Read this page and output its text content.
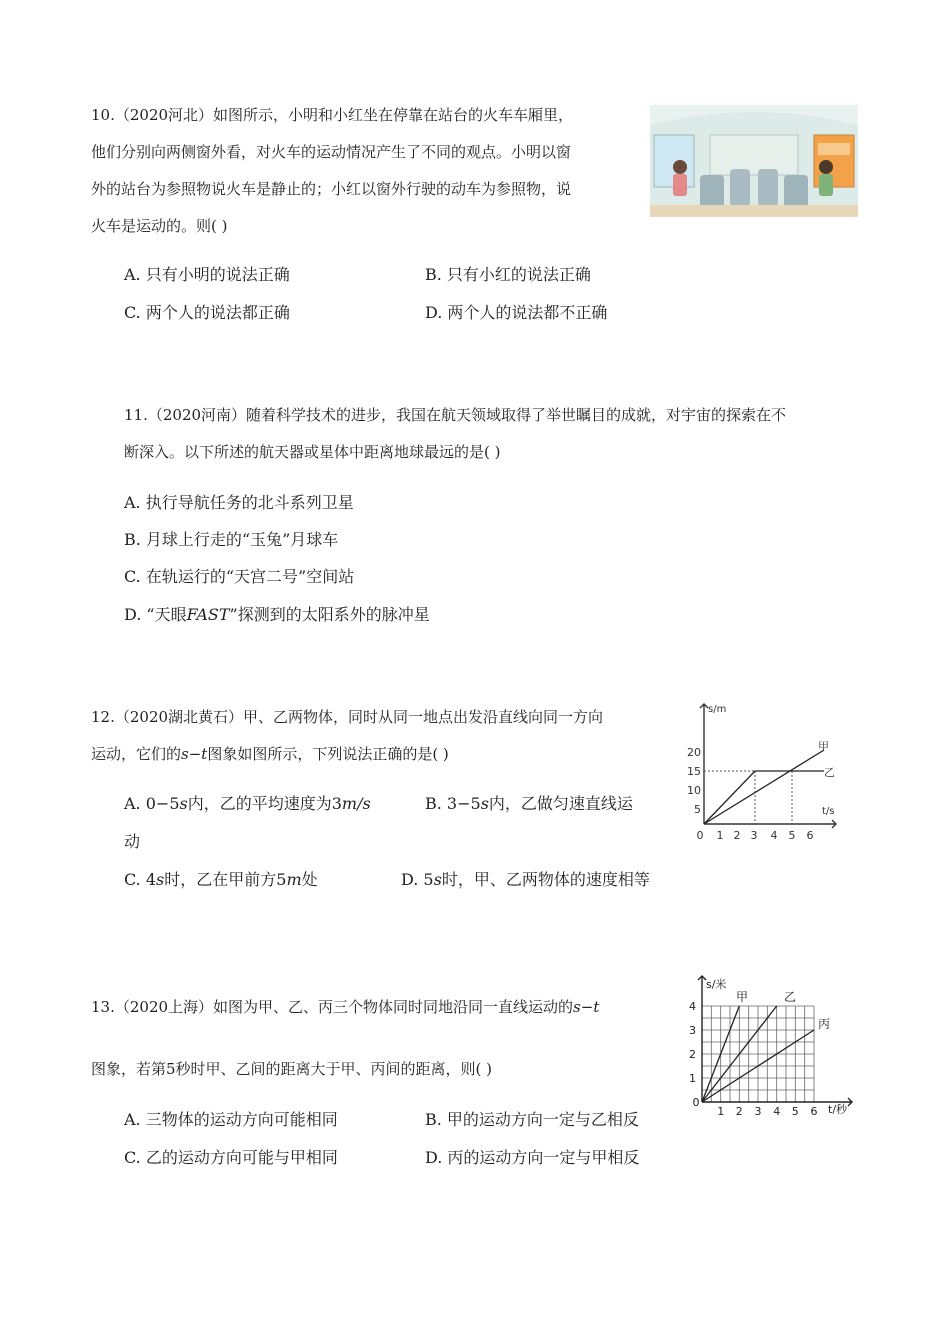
10.（2020河北）如图所示，小明和小红坐在停靠在站台的火车车厢里，
他们分别向两侧窗外看，对火车的运动情况产生了不同的观点。小明以窗
外的站台为参照物说火车是静止的；小红以窗外行驶的动车为参照物，说
火车是运动的。则( )
A. 只有小明的说法正确	B. 只有小红的说法正确
C. 两个人的说法都正确	D. 两个人的说法都不正确
11.（2020河南）随着科学技术的进步，我国在航天领域取得了举世瞩目的成就，对宇宙的探索在不
断深入。以下所述的航天器或星体中距离地球最远的是( )
A. 执行导航任务的北斗系列卫星
B. 月球上行走的“玉兔”月球车
C. 在轨运行的“天宫二号”空间站
D. “天眼FAST”探测到的太阳系外的脉冲星
12.（2020湖北黄石）甲、乙两物体，同时从同一地点出发沿直线向同一方向
运动，它们的s−t图象如图所示，下列说法正确的是( )
s/m
t/s
20
15
10
5
0 1 2 3 4 5 6
甲
乙
A. 0−5s内，乙的平均速度为3m/s	B. 3−5s内，乙做匀速直线运
动
C. 4s时，乙在甲前方5m处	D. 5s时，甲、乙两物体的速度相等
13.（2020上海）如图为甲、乙、丙三个物体同时同地沿同一直线运动的s−t
图象，若第5秒时甲、乙间的距离大于甲、丙间的距离，则( )
s/米
t/秒
4
3
2
1
0
1 2 3 4 5 6
甲	乙
丙
A. 三物体的运动方向可能相同	B. 甲的运动方向一定与乙相反
C. 乙的运动方向可能与甲相同	D. 丙的运动方向一定与甲相反
